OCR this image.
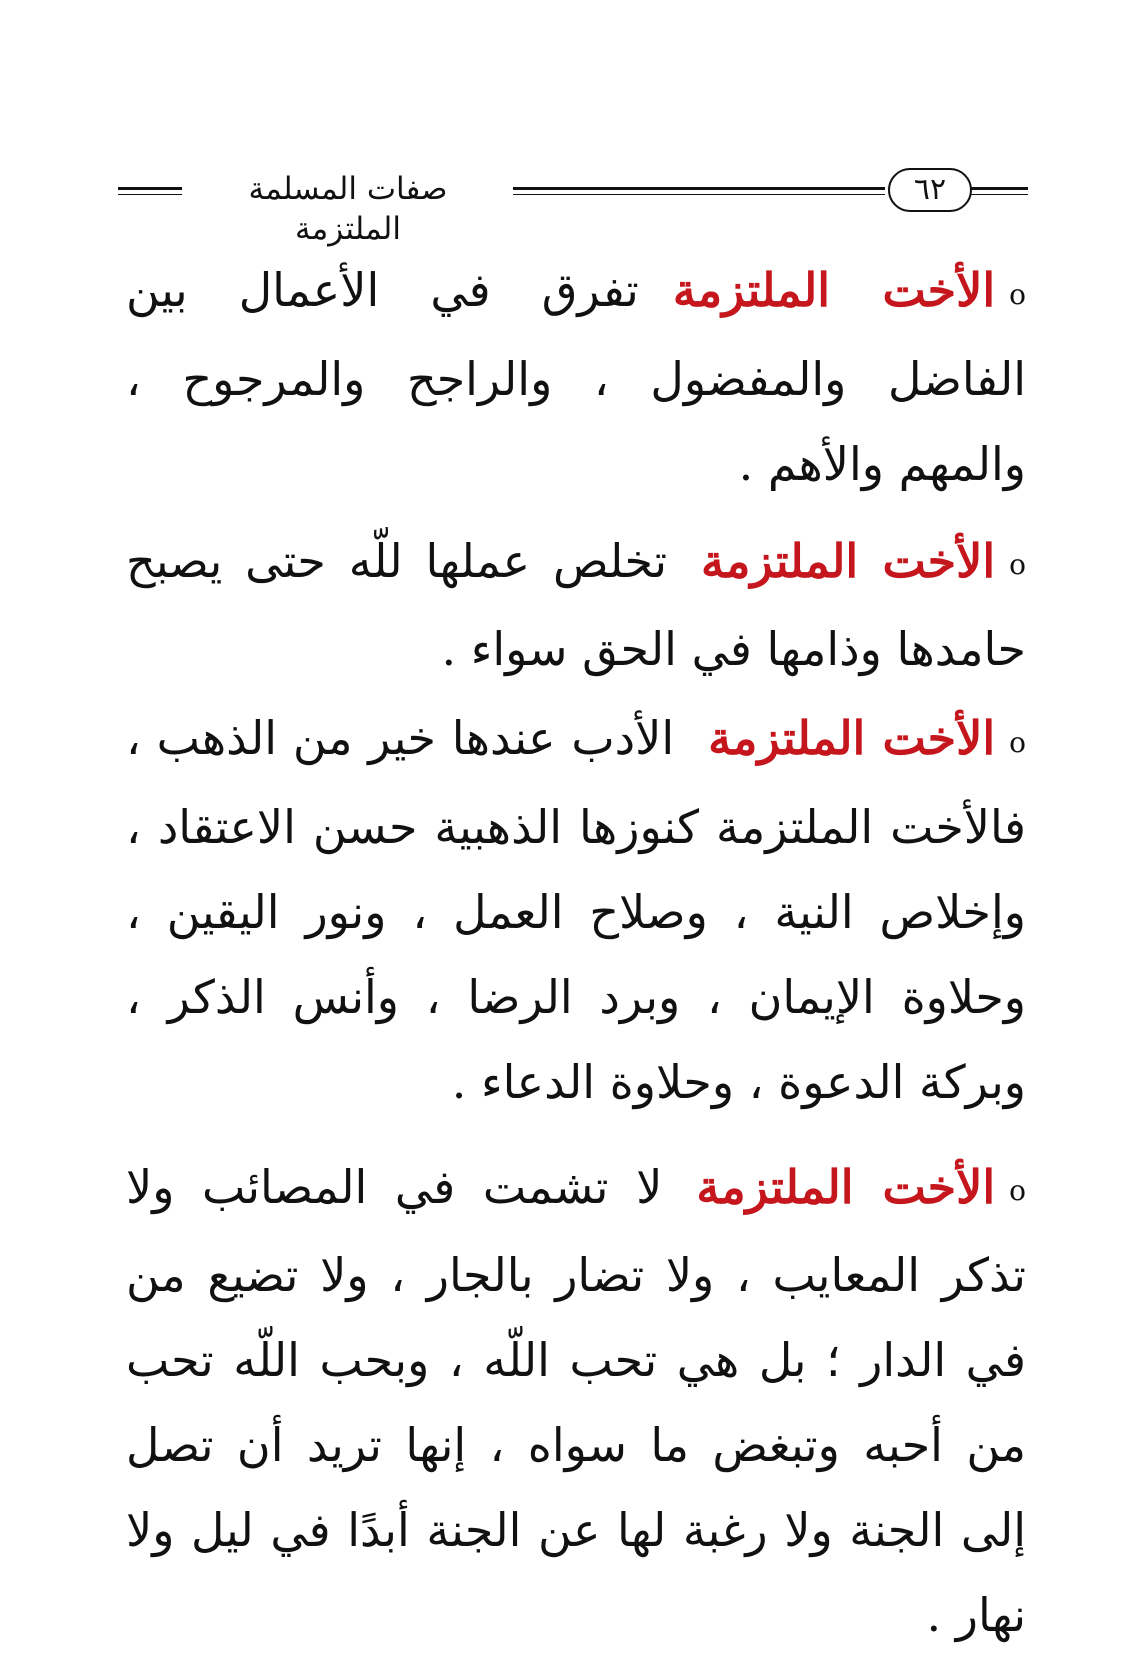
صفات المسلمة الملتزمة
٦٢

oالأخت الملتزمةتفرق في الأعمال بين الفاضل والمفضول ، والراجح والمرجوح ، والمهم والأهم .

oالأخت الملتزمةتخلص عملها للّه حتى يصبح حامدها وذامها في الحق سواء .

oالأخت الملتزمةالأدب عندها خير من الذهب ، فالأخت الملتزمة كنوزها الذهبية حسن الاعتقاد ، وإخلاص النية ، وصلاح العمل ، ونور اليقين ، وحلاوة الإيمان ، وبرد الرضا ، وأنس الذكر ، وبركة الدعوة ، وحلاوة الدعاء .

oالأخت الملتزمةلا تشمت في المصائب ولا تذكر المعايب ، ولا تضار بالجار ، ولا تضيع من في الدار ؛ بل هي تحب اللّه ، وبحب اللّه تحب من أحبه وتبغض ما سواه ، إنها تريد أن تصل إلى الجنة ولا رغبة لها عن الجنة أبدًا في ليل ولا نهار .
